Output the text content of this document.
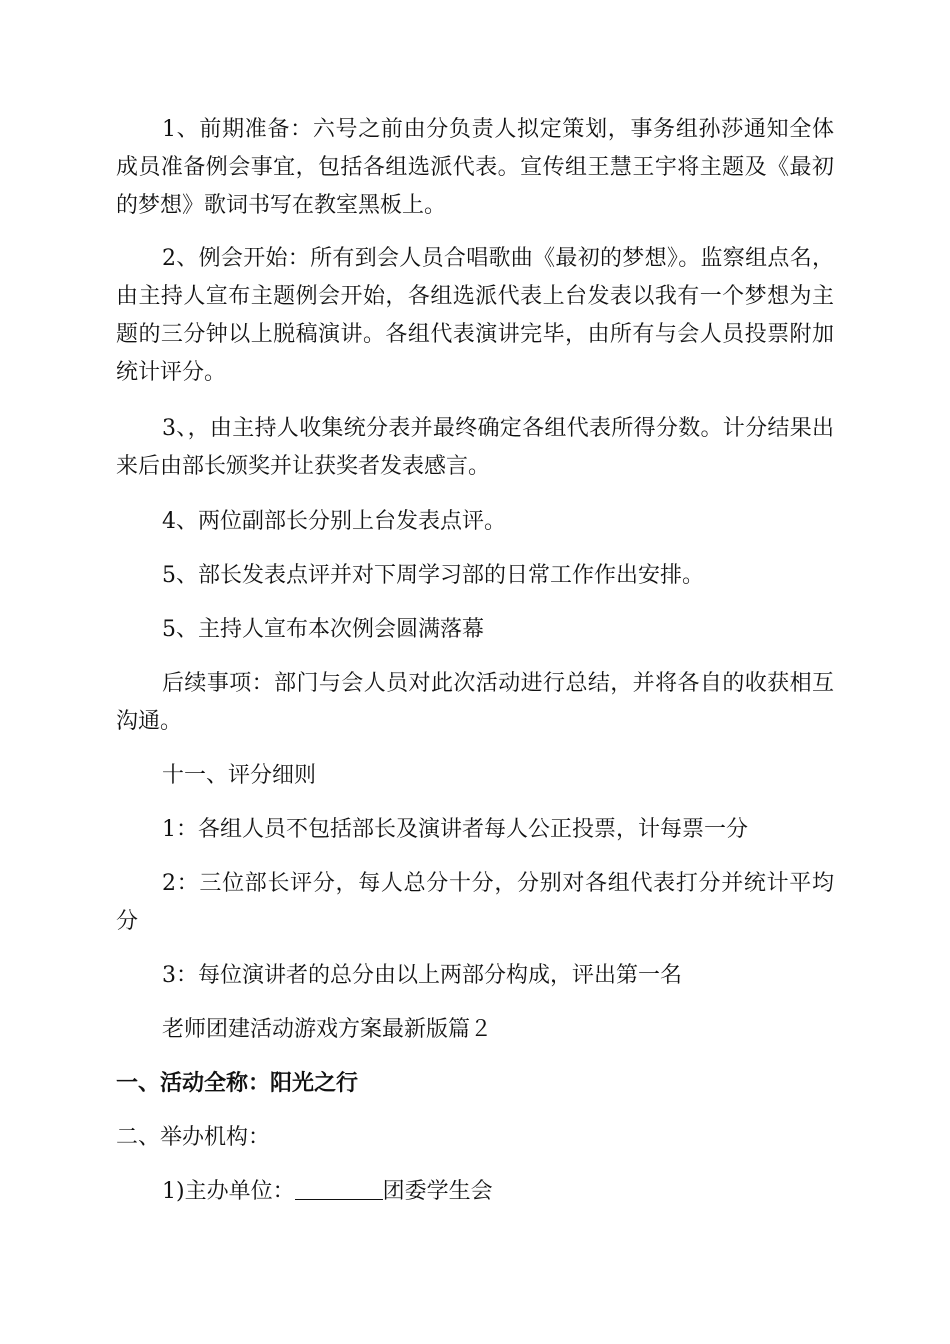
1、前期准备：六号之前由分负责人拟定策划，事务组孙莎通知全体成员准备例会事宜，包括各组选派代表。宣传组王慧王宇将主题及《最初的梦想》歌词书写在教室黑板上。

2、例会开始：所有到会人员合唱歌曲《最初的梦想》。监察组点名，由主持人宣布主题例会开始，各组选派代表上台发表以我有一个梦想为主题的三分钟以上脱稿演讲。各组代表演讲完毕，由所有与会人员投票附加统计评分。

3、，由主持人收集统分表并最终确定各组代表所得分数。计分结果出来后由部长颁奖并让获奖者发表感言。

4、两位副部长分别上台发表点评。

5、部长发表点评并对下周学习部的日常工作作出安排。

5、主持人宣布本次例会圆满落幕

后续事项：部门与会人员对此次活动进行总结，并将各自的收获相互沟通。

十一、评分细则

1：各组人员不包括部长及演讲者每人公正投票，计每票一分

2：三位部长评分，每人总分十分，分别对各组代表打分并统计平均分

3：每位演讲者的总分由以上两部分构成，评出第一名

老师团建活动游戏方案最新版篇２

一、活动全称：阳光之行

二、举办机构：

1)主办单位：	团委学生会
